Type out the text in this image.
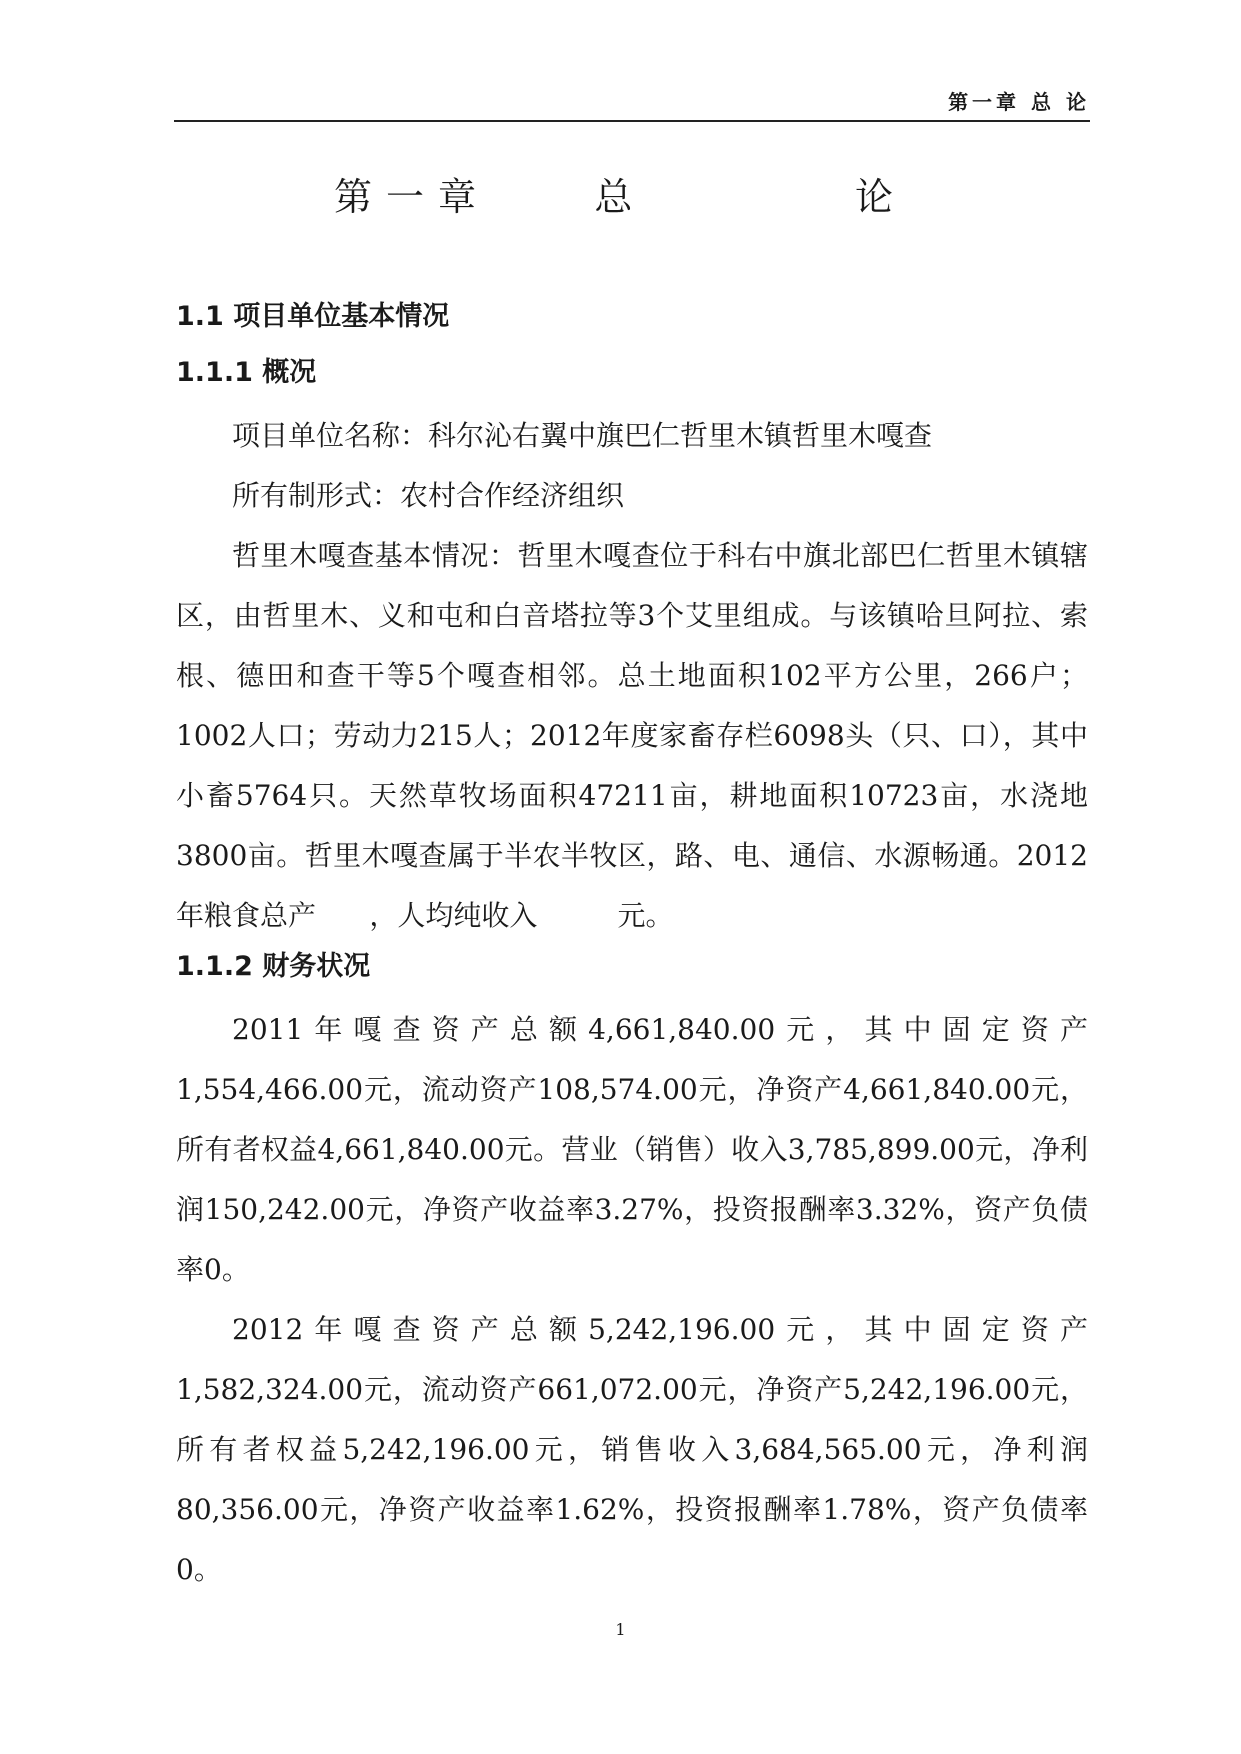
第一章 总 论
第一章    总        论
1.1 项目单位基本情况
1.1.1 概况

项目单位名称：科尔沁右翼中旗巴仁哲里木镇哲里木嘎查

所有制形式：农村合作经济组织

哲里木嘎查基本情况：哲里木嘎查位于科右中旗北部巴仁哲里木镇辖区，由哲里木、义和屯和白音塔拉等3个艾里组成。与该镇哈旦阿拉、索根、德田和查干等5个嘎查相邻。总土地面积102平方公里，266户；1002人口；劳动力215人；2012年度家畜存栏6098头（只、口），其中小畜5764只。天然草牧场面积47211亩，耕地面积10723亩，水浇地3800亩。哲里木嘎查属于半农半牧区，路、电、通信、水源畅通。2012年粮食总产      ，人均纯收入         元。

1.1.2 财务状况

2011年嘎查资产总额4,661,840.00元，其中固定资产1,554,466.00元，流动资产108,574.00元，净资产4,661,840.00元，所有者权益4,661,840.00元。营业（销售）收入3,785,899.00元，净利润150,242.00元，净资产收益率3.27%，投资报酬率3.32%，资产负债率0。

2012年嘎查资产总额5,242,196.00元，其中固定资产1,582,324.00元，流动资产661,072.00元，净资产5,242,196.00元，所有者权益5,242,196.00元，销售收入3,684,565.00元，净利润80,356.00元，净资产收益率1.62%，投资报酬率1.78%，资产负债率0。

1
